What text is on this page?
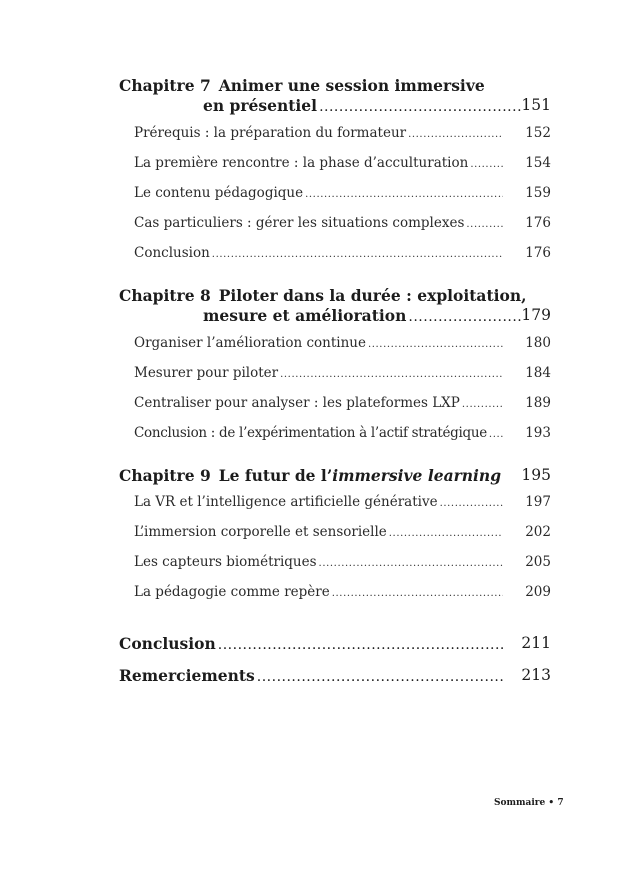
Chapitre 7 Animer une session immersive
en présentiel .....	151
Prérequis : la préparation du formateur .....	152
La première rencontre : la phase d’acculturation .....	154
Le contenu pédagogique .....	159
Cas particuliers : gérer les situations complexes .....	176
Conclusion .....	176
Chapitre 8 Piloter dans la durée : exploitation,
mesure et amélioration .....	179
Organiser l’amélioration continue .....	180
Mesurer pour piloter .....	184
Centraliser pour analyser : les plateformes LXP .....	189
Conclusion : de l’expérimentation à l’actif stratégique .....	193
Chapitre 9 Le futur de l’immersive learning 195
La VR et l’intelligence artificielle générative .....	197
L’immersion corporelle et sensorielle .....	202
Les capteurs biométriques .....	205
La pédagogie comme repère .....	209
Conclusion .....	211
Remerciements .....	213
Sommaire • 7
